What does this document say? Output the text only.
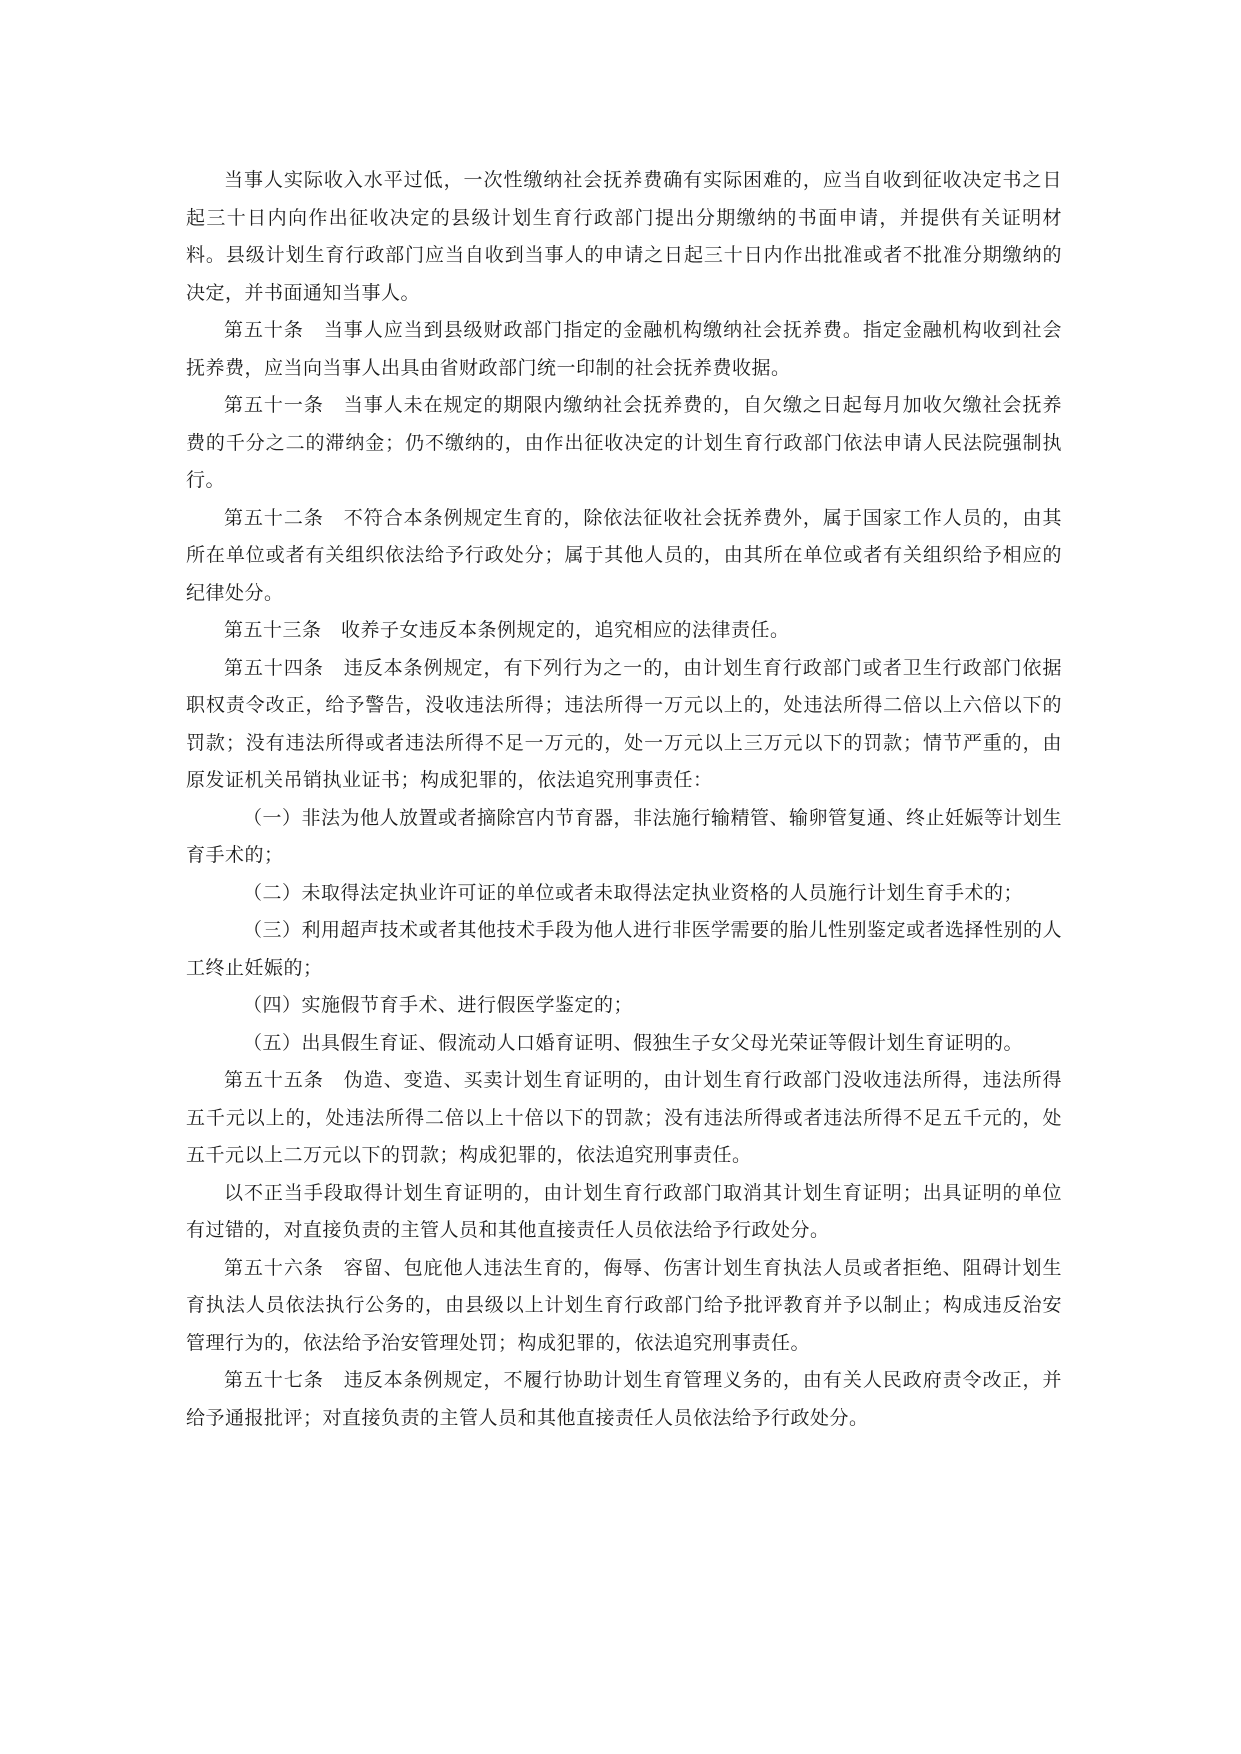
当事人实际收入水平过低，一次性缴纳社会抚养费确有实际困难的，应当自收到征收决定书之日起三十日内向作出征收决定的县级计划生育行政部门提出分期缴纳的书面申请，并提供有关证明材料。县级计划生育行政部门应当自收到当事人的申请之日起三十日内作出批准或者不批准分期缴纳的决定，并书面通知当事人。

第五十条　当事人应当到县级财政部门指定的金融机构缴纳社会抚养费。指定金融机构收到社会抚养费，应当向当事人出具由省财政部门统一印制的社会抚养费收据。

第五十一条　当事人未在规定的期限内缴纳社会抚养费的，自欠缴之日起每月加收欠缴社会抚养费的千分之二的滞纳金；仍不缴纳的，由作出征收决定的计划生育行政部门依法申请人民法院强制执行。

第五十二条　不符合本条例规定生育的，除依法征收社会抚养费外，属于国家工作人员的，由其所在单位或者有关组织依法给予行政处分；属于其他人员的，由其所在单位或者有关组织给予相应的纪律处分。

第五十三条　收养子女违反本条例规定的，追究相应的法律责任。

第五十四条　违反本条例规定，有下列行为之一的，由计划生育行政部门或者卫生行政部门依据职权责令改正，给予警告，没收违法所得；违法所得一万元以上的，处违法所得二倍以上六倍以下的罚款；没有违法所得或者违法所得不足一万元的，处一万元以上三万元以下的罚款；情节严重的，由原发证机关吊销执业证书；构成犯罪的，依法追究刑事责任：

（一）非法为他人放置或者摘除宫内节育器，非法施行输精管、输卵管复通、终止妊娠等计划生育手术的；

（二）未取得法定执业许可证的单位或者未取得法定执业资格的人员施行计划生育手术的；

（三）利用超声技术或者其他技术手段为他人进行非医学需要的胎儿性别鉴定或者选择性别的人工终止妊娠的；

（四）实施假节育手术、进行假医学鉴定的；

（五）出具假生育证、假流动人口婚育证明、假独生子女父母光荣证等假计划生育证明的。

第五十五条　伪造、变造、买卖计划生育证明的，由计划生育行政部门没收违法所得，违法所得五千元以上的，处违法所得二倍以上十倍以下的罚款；没有违法所得或者违法所得不足五千元的，处五千元以上二万元以下的罚款；构成犯罪的，依法追究刑事责任。

以不正当手段取得计划生育证明的，由计划生育行政部门取消其计划生育证明；出具证明的单位有过错的，对直接负责的主管人员和其他直接责任人员依法给予行政处分。

第五十六条　容留、包庇他人违法生育的，侮辱、伤害计划生育执法人员或者拒绝、阻碍计划生育执法人员依法执行公务的，由县级以上计划生育行政部门给予批评教育并予以制止；构成违反治安管理行为的，依法给予治安管理处罚；构成犯罪的，依法追究刑事责任。

第五十七条　违反本条例规定，不履行协助计划生育管理义务的，由有关人民政府责令改正，并给予通报批评；对直接负责的主管人员和其他直接责任人员依法给予行政处分。
